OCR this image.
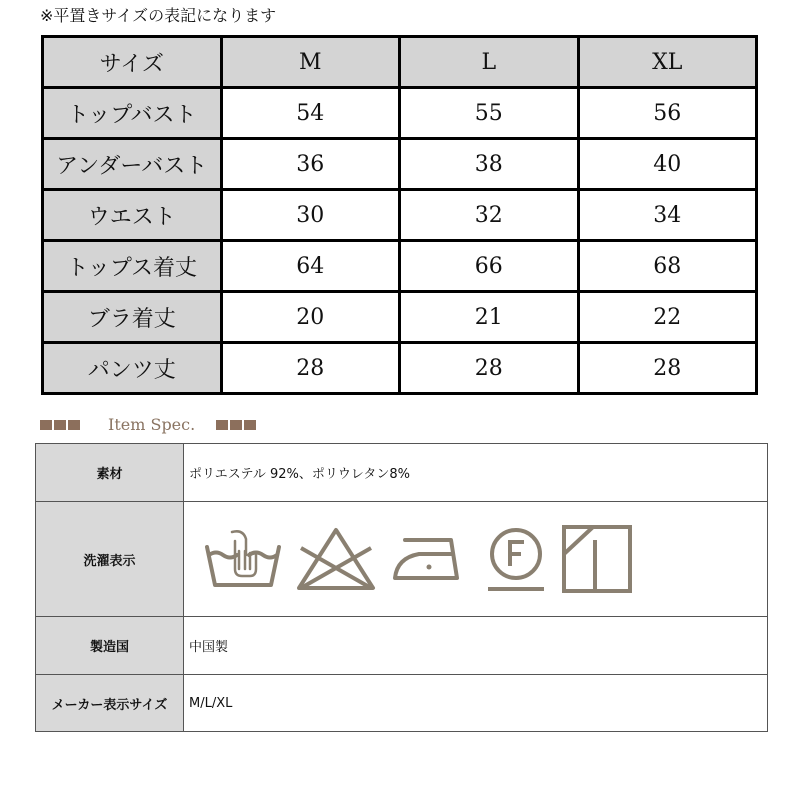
※平置きサイズの表記になります
サイズ	M	L	XL
トップバスト	54	55	56
アンダーバスト	36	38	40
ウエスト	30	32	34
トップス着丈	64	66	68
ブラ着丈	20	21	22
パンツ丈	28	28	28
Item Spec.
素材	ポリエステル 92%、ポリウレタン8%
洗濯表示	

製造国	中国製
メーカー表示サイズ	M/L/XL
